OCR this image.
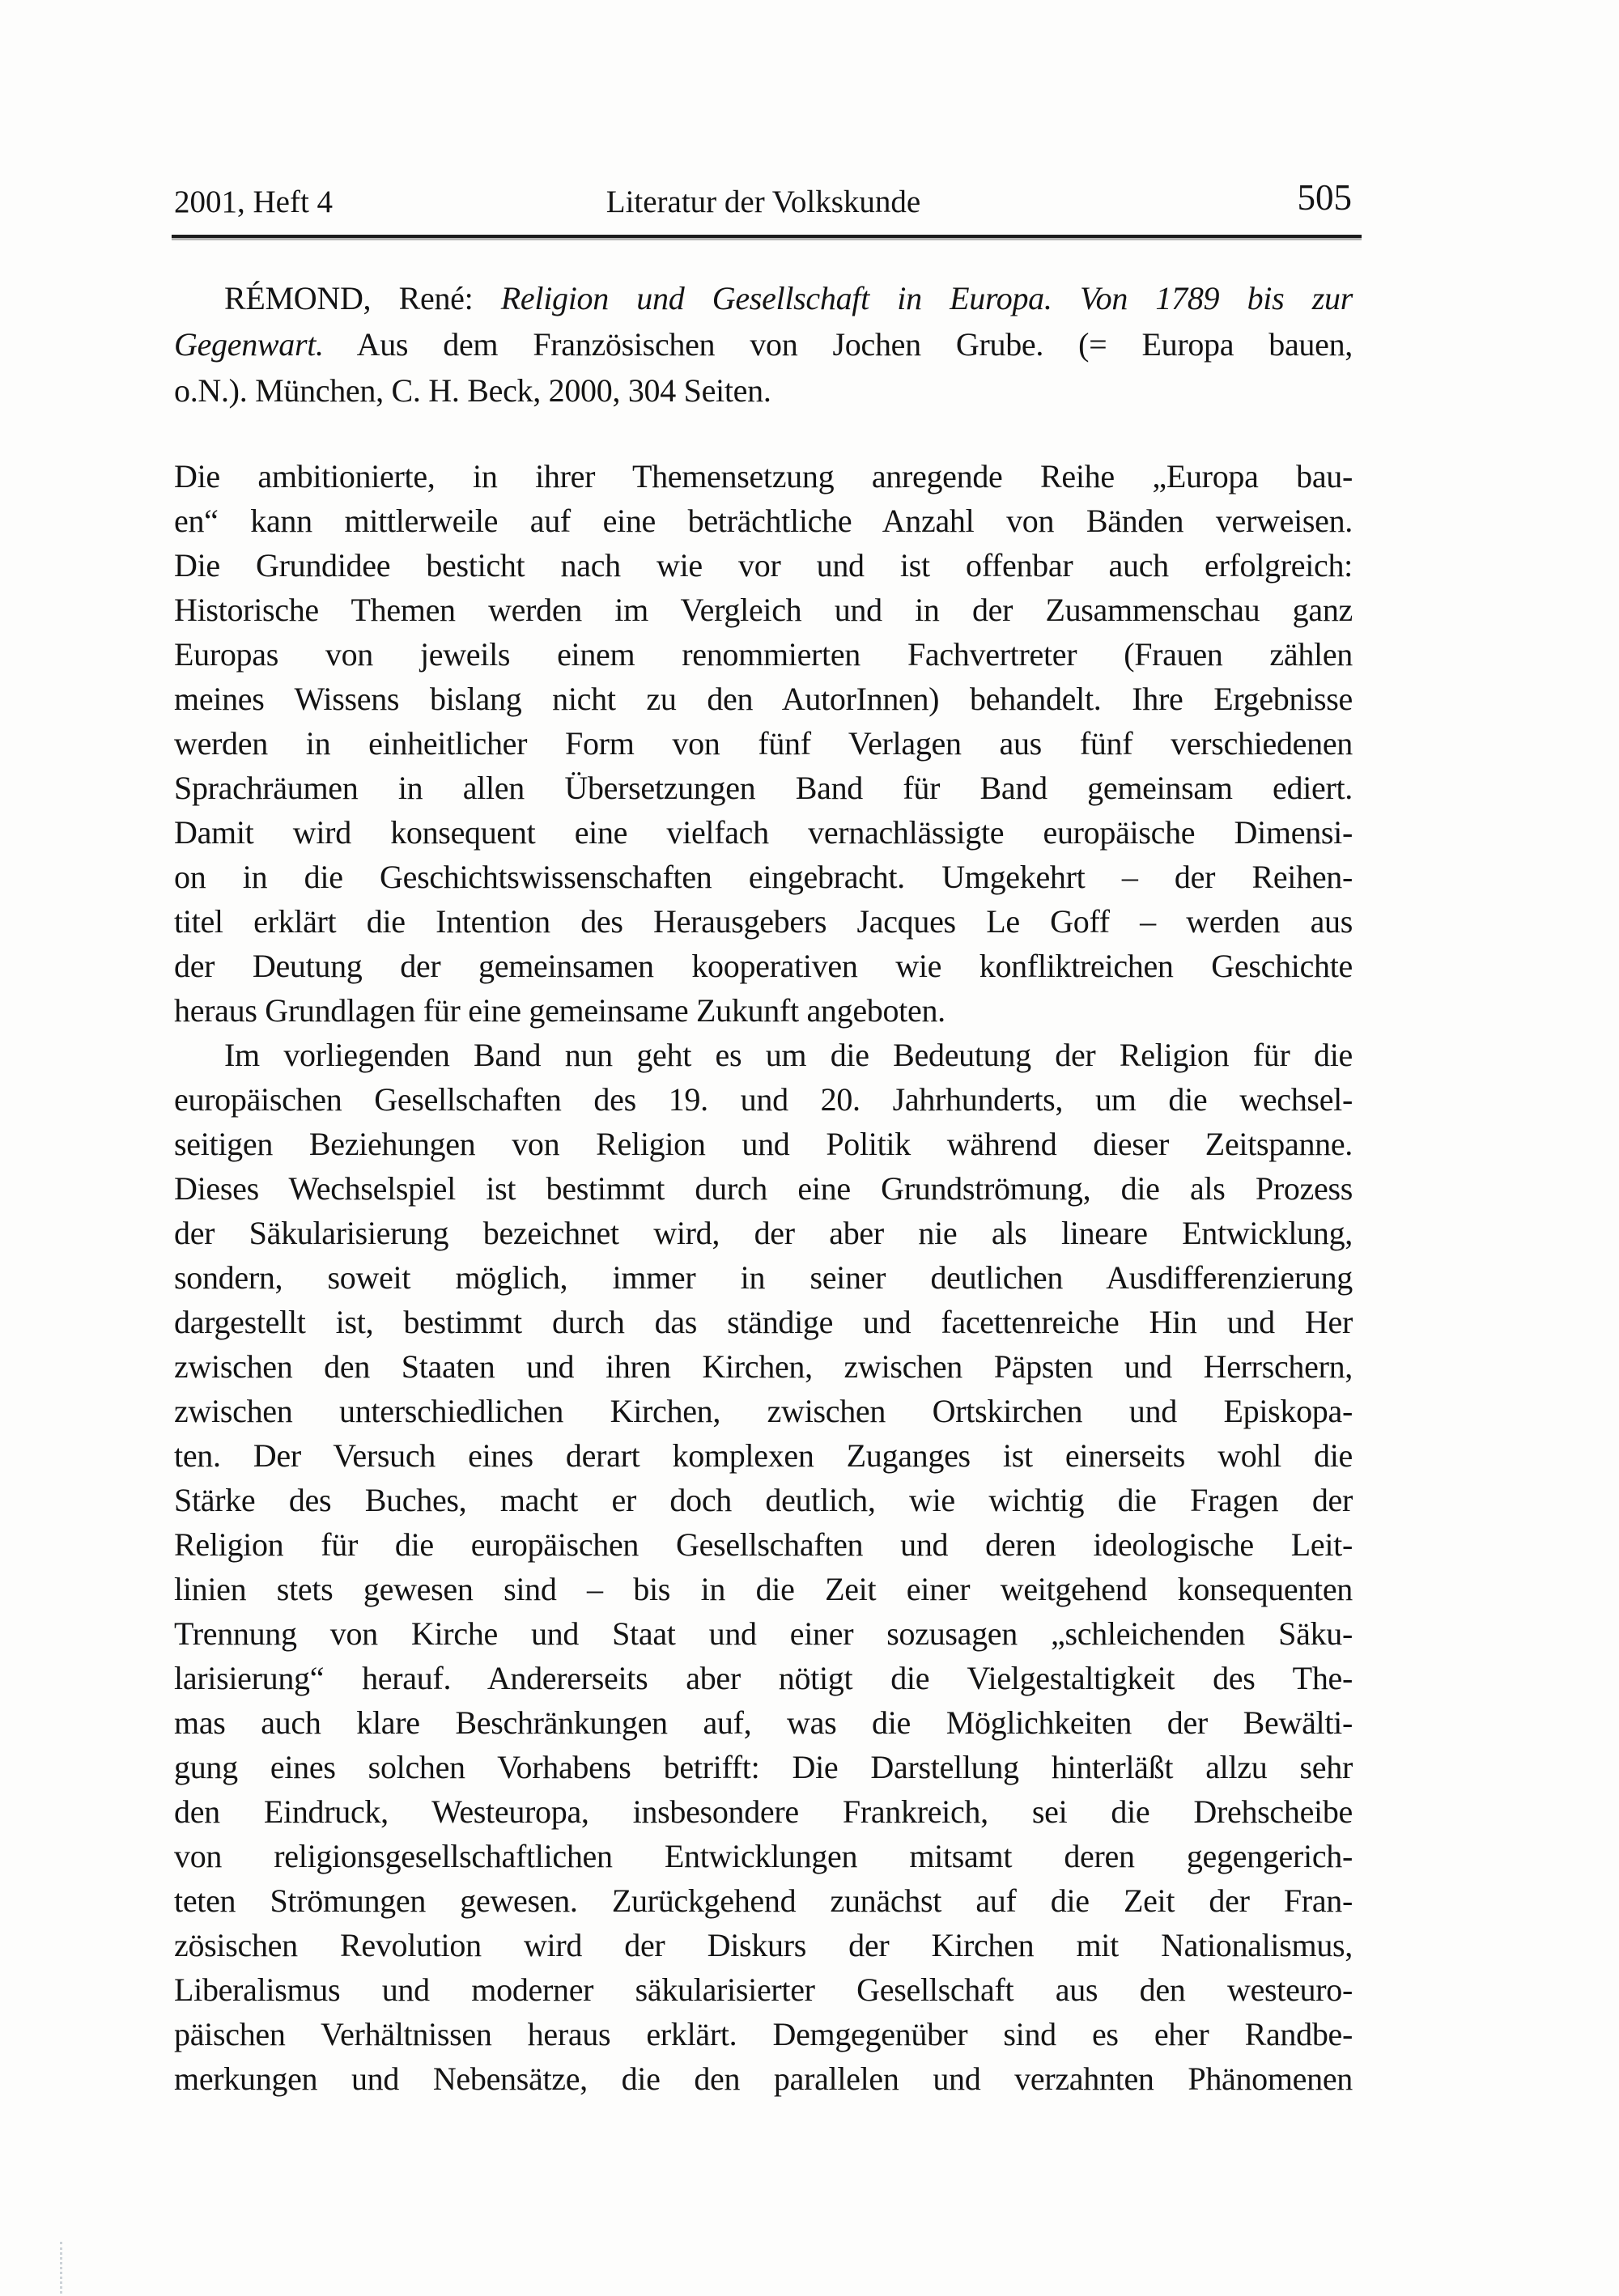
2001, Heft 4	Literatur der Volkskunde	505
RÉMOND, René: Religion und Gesellschaft in Europa. Von 1789 bis zur
Gegenwart. Aus dem Französischen von Jochen Grube. (= Europa bauen,
o.N.). München, C. H. Beck, 2000, 304 Seiten.
Die ambitionierte, in ihrer Themensetzung anregende Reihe „Europa bau-
en“ kann mittlerweile auf eine beträchtliche Anzahl von Bänden verweisen.
Die Grundidee besticht nach wie vor und ist offenbar auch erfolgreich:
Historische Themen werden im Vergleich und in der Zusammenschau ganz
Europas von jeweils einem renommierten Fachvertreter (Frauen zählen
meines Wissens bislang nicht zu den AutorInnen) behandelt. Ihre Ergebnisse
werden in einheitlicher Form von fünf Verlagen aus fünf verschiedenen
Sprachräumen in allen Übersetzungen Band für Band gemeinsam ediert.
Damit wird konsequent eine vielfach vernachlässigte europäische Dimensi-
on in die Geschichtswissenschaften eingebracht. Umgekehrt – der Reihen-
titel erklärt die Intention des Herausgebers Jacques Le Goff – werden aus
der Deutung der gemeinsamen kooperativen wie konfliktreichen Geschichte
heraus Grundlagen für eine gemeinsame Zukunft angeboten.
Im vorliegenden Band nun geht es um die Bedeutung der Religion für die
europäischen Gesellschaften des 19. und 20. Jahrhunderts, um die wechsel-
seitigen Beziehungen von Religion und Politik während dieser Zeitspanne.
Dieses Wechselspiel ist bestimmt durch eine Grundströmung, die als Prozess
der Säkularisierung bezeichnet wird, der aber nie als lineare Entwicklung,
sondern, soweit möglich, immer in seiner deutlichen Ausdifferenzierung
dargestellt ist, bestimmt durch das ständige und facettenreiche Hin und Her
zwischen den Staaten und ihren Kirchen, zwischen Päpsten und Herrschern,
zwischen unterschiedlichen Kirchen, zwischen Ortskirchen und Episkopa-
ten. Der Versuch eines derart komplexen Zuganges ist einerseits wohl die
Stärke des Buches, macht er doch deutlich, wie wichtig die Fragen der
Religion für die europäischen Gesellschaften und deren ideologische Leit-
linien stets gewesen sind – bis in die Zeit einer weitgehend konsequenten
Trennung von Kirche und Staat und einer sozusagen „schleichenden Säku-
larisierung“ herauf. Andererseits aber nötigt die Vielgestaltigkeit des The-
mas auch klare Beschränkungen auf, was die Möglichkeiten der Bewälti-
gung eines solchen Vorhabens betrifft: Die Darstellung hinterläßt allzu sehr
den Eindruck, Westeuropa, insbesondere Frankreich, sei die Drehscheibe
von religionsgesellschaftlichen Entwicklungen mitsamt deren gegengerich-
teten Strömungen gewesen. Zurückgehend zunächst auf die Zeit der Fran-
zösischen Revolution wird der Diskurs der Kirchen mit Nationalismus,
Liberalismus und moderner säkularisierter Gesellschaft aus den westeuro-
päischen Verhältnissen heraus erklärt. Demgegenüber sind es eher Randbe-
merkungen und Nebensätze, die den parallelen und verzahnten Phänomenen
